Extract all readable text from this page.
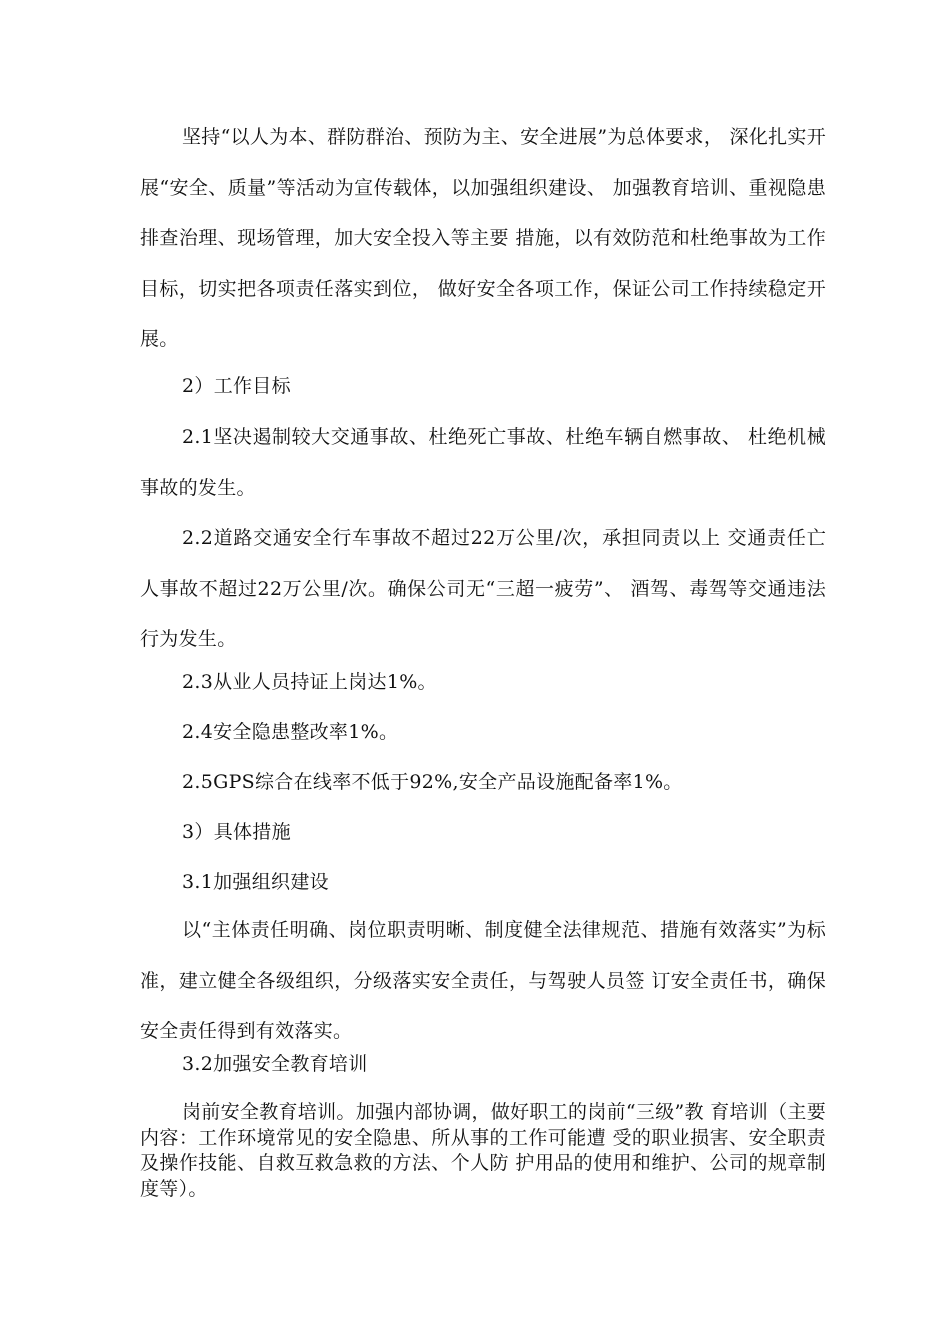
坚持“以人为本、群防群治、预防为主、安全进展”为总体要求， 深化扎实开展“安全、质量”等活动为宣传载体，以加强组织建设、 加强教育培训、重视隐患排查治理、现场管理，加大安全投入等主要 措施，以有效防范和杜绝事故为工作目标，切实把各项责任落实到位， 做好安全各项工作，保证公司工作持续稳定开展。

2）工作目标

2.1坚决遏制较大交通事故、杜绝死亡事故、杜绝车辆自燃事故、 杜绝机械事故的发生。

2.2道路交通安全行车事故不超过22万公里/次，承担同责以上 交通责任亡人事故不超过22万公里/次。确保公司无“三超一疲劳”、 酒驾、毒驾等交通违法行为发生。

2.3从业人员持证上岗达1%。

2.4安全隐患整改率1%。

2.5GPS综合在线率不低于92%,安全产品设施配备率1%。

3）具体措施

3.1加强组织建设

以“主体责任明确、岗位职责明晰、制度健全法律规范、措施有效落实”为标准，建立健全各级组织，分级落实安全责任，与驾驶人员签 订安全责任书，确保安全责任得到有效落实。

3.2加强安全教育培训

岗前安全教育培训。加强内部协调，做好职工的岗前“三级”教 育培训（主要内容：工作环境常见的安全隐患、所从事的工作可能遭 受的职业损害、安全职责及操作技能、自救互救急救的方法、个人防 护用品的使用和维护、公司的规章制度等）。
